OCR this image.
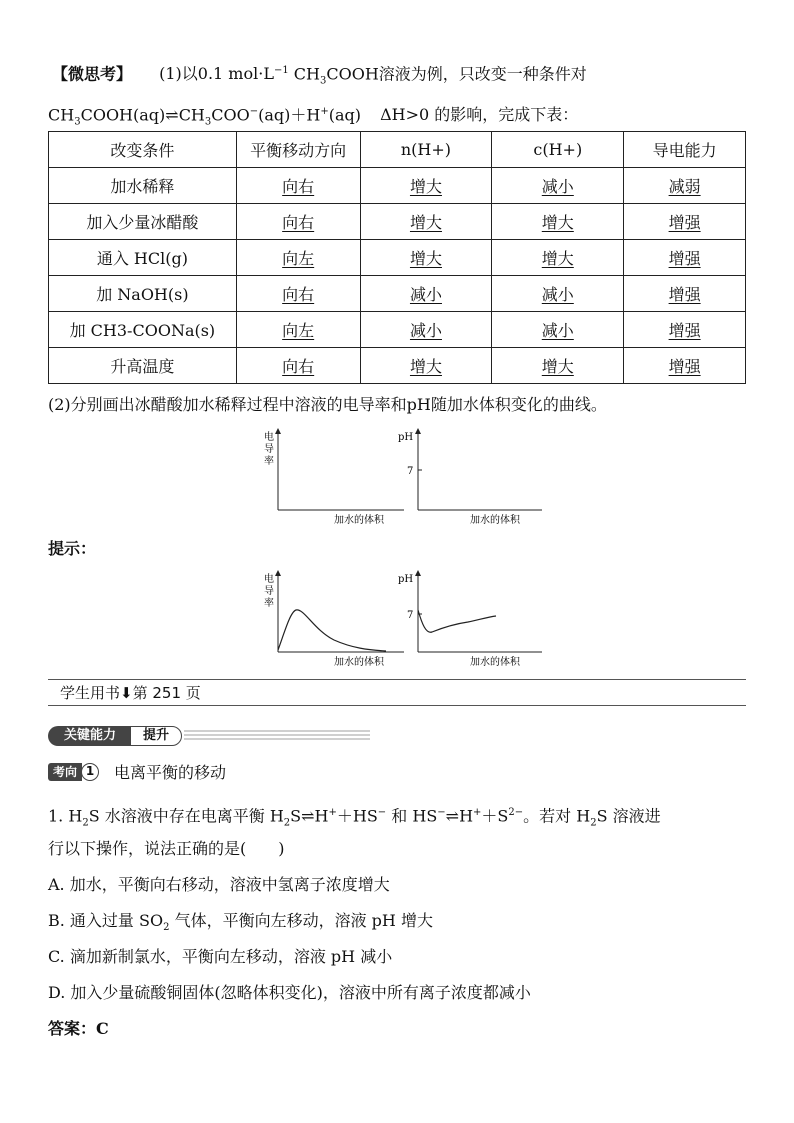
【微思考】 (1)以0.1 $mol\cdot L^{-1}$ $CH_3COOH$溶液为例，只改变一种条件对
$CH_3COOH(aq)\rightleftharpoons CH_3COO^-(aq)+H^+(aq)$ ΔH>0 的影响，完成下表：
改变条件	平衡移动方向	n(H+)	c(H+)	导电能力
加水稀释	向右	增大	减小	减弱
加入少量冰醋酸	向右	增大	增大	增强
通入 HCl(g)	向左	增大	增大	增强
加 NaOH(s)	向右	减小	减小	增强
加 CH3-COONa(s)	向左	减小	减小	增强
升高温度	向右	增大	增大	增强
(2)分别画出冰醋酸加水稀释过程中溶液的电导率和pH随加水体积变化的曲线。
电
导
率
加水的体积
pH
7
加水的体积
提示：
电
导
率
加水的体积
pH
7
加水的体积
学生用书⬇第 251 页
关键能力	提升
考向 1	电离平衡的移动
1. $H_2S$ 水溶液中存在电离平衡 $H_2S\rightleftharpoons H^++HS^-$ 和 $HS^-\rightleftharpoons H^++S^{2-}$。若对 $H_2S$ 溶液进
行以下操作，说法正确的是(　　)
A. 加水，平衡向右移动，溶液中氢离子浓度增大
B. 通入过量 $SO_2$ 气体，平衡向左移动，溶液 pH 增大
C. 滴加新制氯水，平衡向左移动，溶液 pH 减小
D. 加入少量硫酸铜固体(忽略体积变化)，溶液中所有离子浓度都减小
答案：C
